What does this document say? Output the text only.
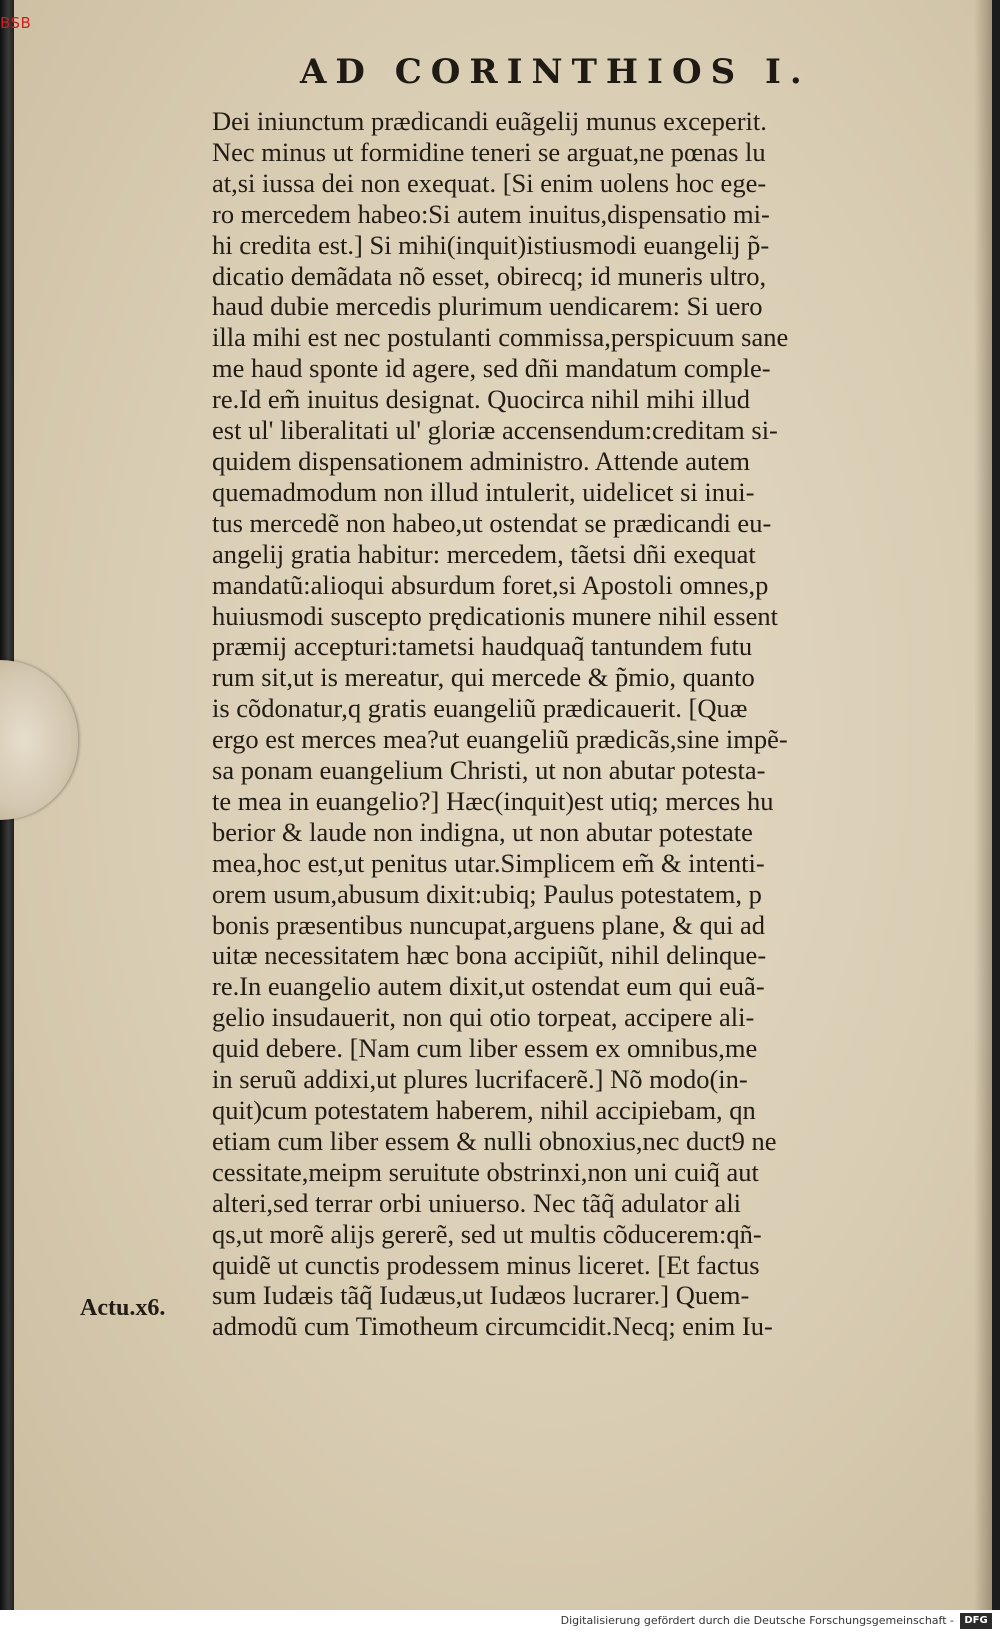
BSB
AD CORINTHIOS I.
Dei iniunctum prædicandi euãgelij munus exceperit.
Nec minus ut formidine teneri se arguat,ne pœnas lu
at,si iussa dei non exequat. [Si enim uolens hoc ege-
ro mercedem habeo:Si autem inuitus,dispensatio mi-
hi credita est.] Si mihi(inquit)istiusmodi euangelij p̃-
dicatio demãdata nõ esset, obirecq; id muneris ultro,
haud dubie mercedis plurimum uendicarem: Si uero
illa mihi est nec postulanti commissa,perspicuum sane
me haud sponte id agere, sed dñi mandatum comple-
re.Id em̃ inuitus designat. Quocirca nihil mihi illud
est ul' liberalitati ul' gloriæ accensendum:creditam si-
quidem dispensationem administro. Attende autem
quemadmodum non illud intulerit, uidelicet si inui-
tus mercedẽ non habeo,ut ostendat se prædicandi eu-
angelij gratia habitur: mercedem, tãetsi dñi exequat
mandatũ:alioqui absurdum foret,si Apostoli omnes,p
huiusmodi suscepto prędicationis munere nihil essent
præmij accepturi:tametsi haudquaq̃ tantundem futu
rum sit,ut is mereatur, qui mercede & p̃mio, quanto
is cõdonatur,q gratis euangeliũ prædicauerit. [Quæ
ergo est merces mea?ut euangeliũ prædicãs,sine impẽ-
sa ponam euangelium Christi, ut non abutar potesta-
te mea in euangelio?] Hæc(inquit)est utiq; merces hu
berior & laude non indigna, ut non abutar potestate
mea,hoc est,ut penitus utar.Simplicem em̃ & intenti-
orem usum,abusum dixit:ubiq; Paulus potestatem, p
bonis præsentibus nuncupat,arguens plane, & qui ad
uitæ necessitatem hæc bona accipiũt, nihil delinque-
re.In euangelio autem dixit,ut ostendat eum qui euã-
gelio insudauerit, non qui otio torpeat, accipere ali-
quid debere. [Nam cum liber essem ex omnibus,me
in seruũ addixi,ut plures lucrifacerẽ.] Nõ modo(in-
quit)cum potestatem haberem, nihil accipiebam, qn
etiam cum liber essem & nulli obnoxius,nec duct9 ne
cessitate,meipm seruitute obstrinxi,non uni cuiq̃ aut
alteri,sed terrar orbi uniuerso. Nec tãq̃ adulator ali
qs,ut morẽ alijs gererẽ, sed ut multis cõducerem:qñ-
quidẽ ut cunctis prodessem minus liceret. [Et factus
sum Iudæis tãq̃ Iudæus,ut Iudæos lucrarer.] Quem-
admodũ cum Timotheum circumcidit.Necq; enim Iu-
Actu.x6.
Digitalisierung gefördert durch die Deutsche Forschungsgemeinschaft -	DFG
